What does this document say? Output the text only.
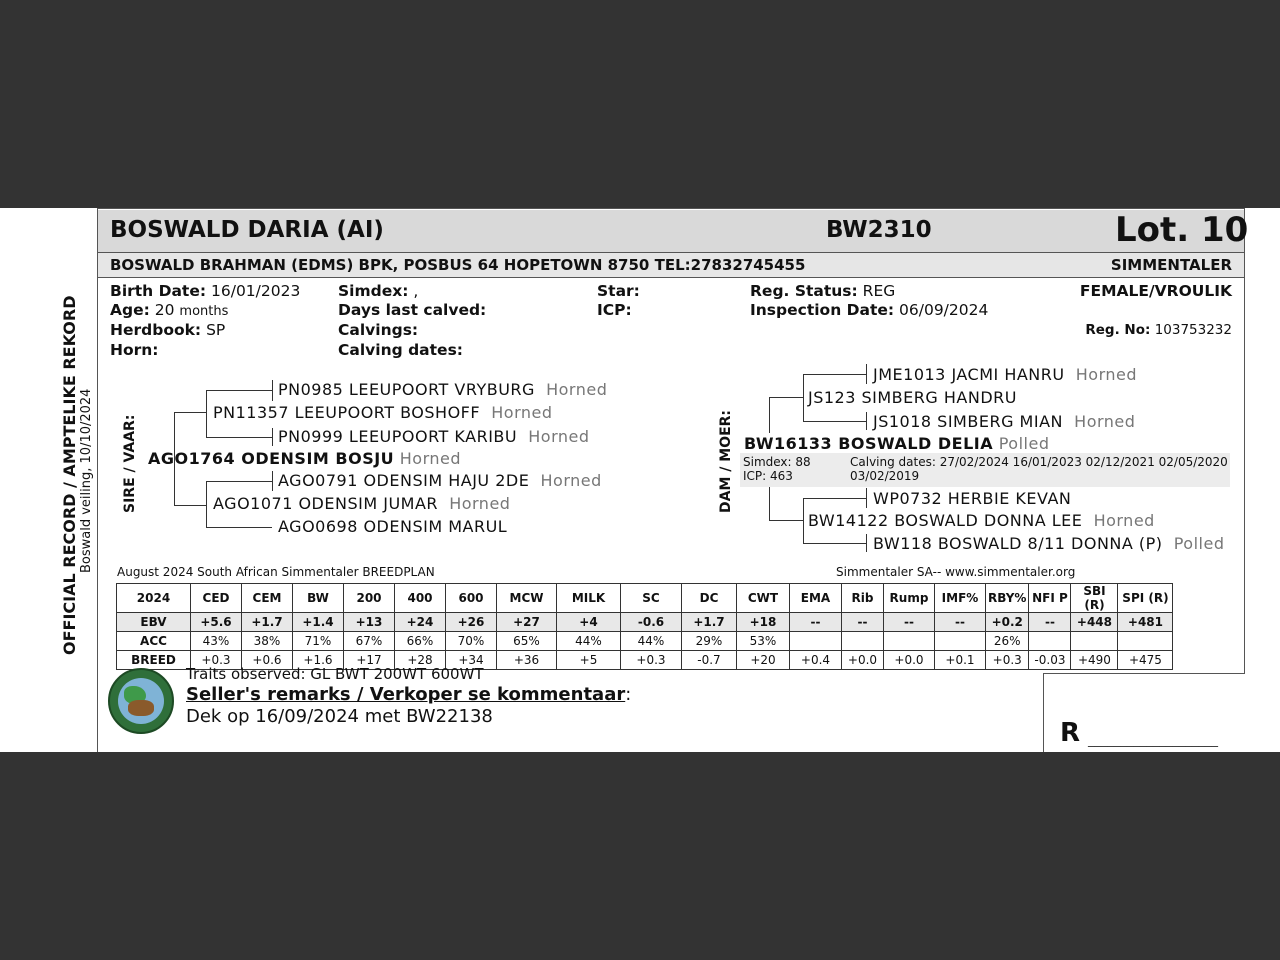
OFFICIAL RECORD / AMPTELIKE REKORD Boswald veiling, 10/10/2024
BOSWALD DARIA (AI)	BW2310	Lot. 10
BOSWALD BRAHMAN (EDMS) BPK, POSBUS 64 HOPETOWN 8750 TEL:27832745455	SIMMENTALER
Birth Date: 16/01/2023
Age: 20 months
Herdbook: SP
Horn:
Simdex: ,
Days last calved:
Calvings:
Calving dates:
Star:
ICP:
Reg. Status: REG
Inspection Date: 06/09/2024
FEMALE/VROULIK
Reg. No: 103753232
SIRE / VAAR:
PN0985 LEEUPOORT VRYBURG Horned
PN11357 LEEUPOORT BOSHOFF Horned
PN0999 LEEUPOORT KARIBU Horned
AGO1764 ODENSIM BOSJU Horned
AGO0791 ODENSIM HAJU 2DE Horned
AGO1071 ODENSIM JUMAR Horned
AGO0698 ODENSIM MARUL
DAM / MOER:
JME1013 JACMI HANRU Horned
JS123 SIMBERG HANDRU
JS1018 SIMBERG MIAN Horned
BW16133 BOSWALD DELIA Polled
Simdex: 88
ICP: 463
Calving dates: 27/02/2024 16/01/2023 02/12/2021 02/05/2020
03/02/2019
WP0732 HERBIE KEVAN
BW14122 BOSWALD DONNA LEE Horned
BW118 BOSWALD 8/11 DONNA (P) Polled
August 2024 South African Simmentaler BREEDPLAN	Simmentaler SA-- www.simmentaler.org
2024	CED	CEM	BW	200	400	600	MCW	MILK	SC	DC	CWT	EMA	Rib	Rump	IMF%	RBY%	NFI P	SBI (R)	SPI (R)
EBV	+5.6	+1.7	+1.4	+13	+24	+26	+27	+4	-0.6	+1.7	+18	--	--	--	--	+0.2	--	+448	+481
ACC	43%	38%	71%	67%	66%	70%	65%	44%	44%	29%	53%					26%			
BREED	+0.3	+0.6	+1.6	+17	+28	+34	+36	+5	+0.3	-0.7	+20	+0.4	+0.0	+0.0	+0.1	+0.3	-0.03	+490	+475
Traits observed: GL BWT 200WT 600WT
Seller's remarks / Verkoper se kommentaar:
Dek op 16/09/2024 met BW22138
R ____________________
